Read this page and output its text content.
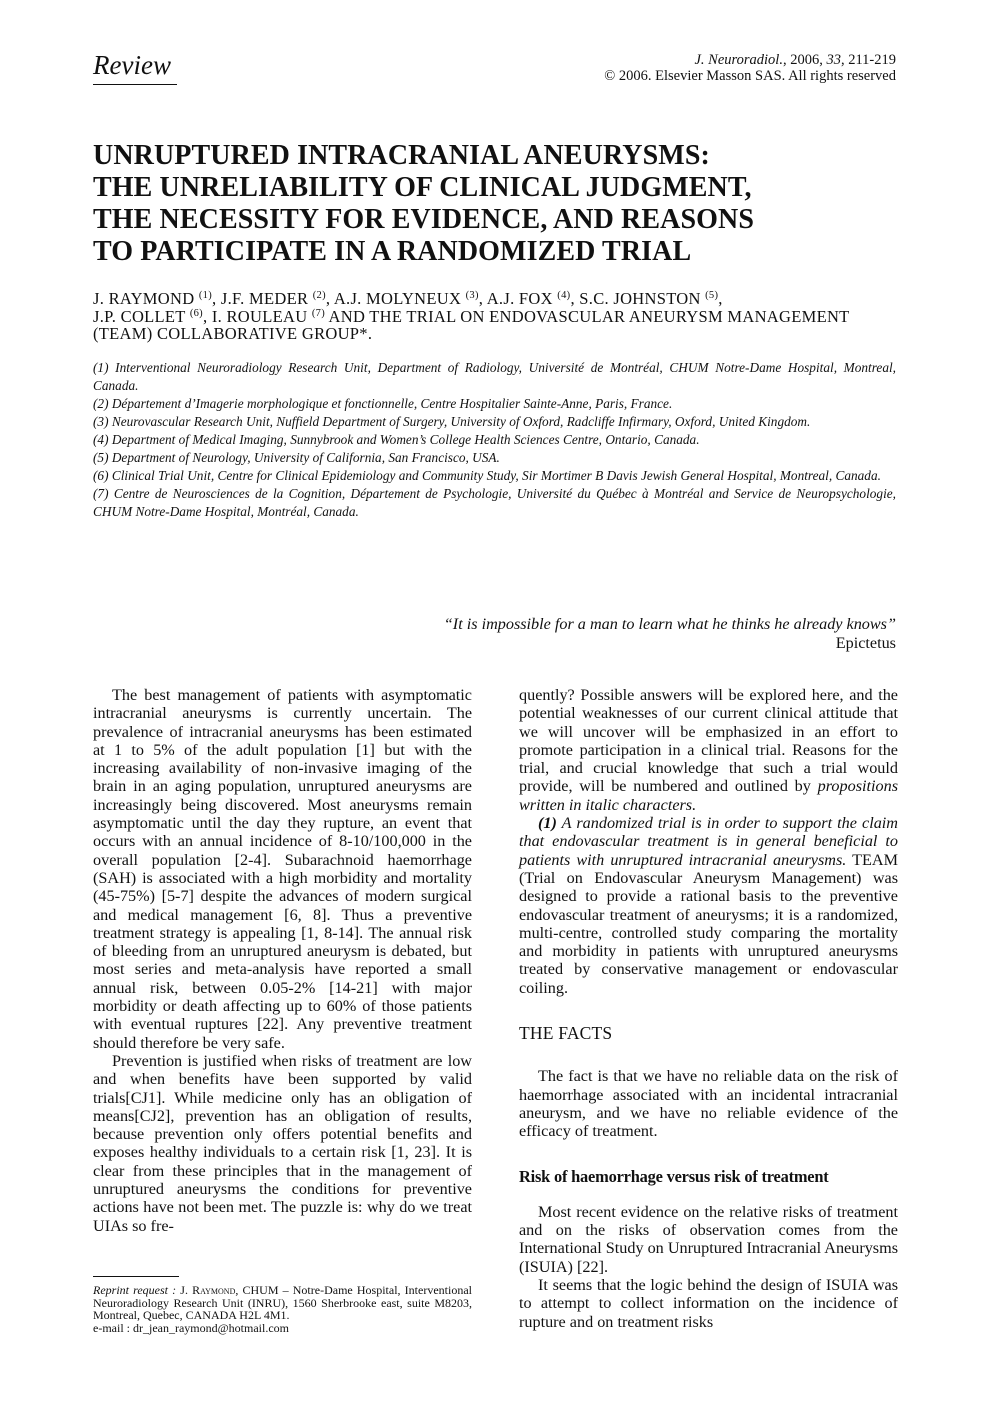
Review	J. Neuroradiol., 2006, 33, 211-219
© 2006. Elsevier Masson SAS. All rights reserved
UNRUPTURED INTRACRANIAL ANEURYSMS:
THE UNRELIABILITY OF CLINICAL JUDGMENT,
THE NECESSITY FOR EVIDENCE, AND REASONS
TO PARTICIPATE IN A RANDOMIZED TRIAL
J. RAYMOND $^{(1)}$, J.F. MEDER $^{(2)}$, A.J. MOLYNEUX $^{(3)}$, A.J. FOX $^{(4)}$, S.C. JOHNSTON $^{(5)}$,
J.P. COLLET $^{(6)}$, I. ROULEAU $^{(7)}$ AND THE TRIAL ON ENDOVASCULAR ANEURYSM MANAGEMENT (TEAM) COLLABORATIVE GROUP*.

(1) Interventional Neuroradiology Research Unit, Department of Radiology, Université de Montréal, CHUM Notre-Dame Hospital, Montreal, Canada.

(2) Département d’Imagerie morphologique et fonctionnelle, Centre Hospitalier Sainte-Anne, Paris, France.

(3) Neurovascular Research Unit, Nuffield Department of Surgery, University of Oxford, Radcliffe Infirmary, Oxford, United Kingdom.

(4) Department of Medical Imaging, Sunnybrook and Women’s College Health Sciences Centre, Ontario, Canada.

(5) Department of Neurology, University of California, San Francisco, USA.

(6) Clinical Trial Unit, Centre for Clinical Epidemiology and Community Study, Sir Mortimer B Davis Jewish General Hospital, Montreal, Canada.

(7) Centre de Neurosciences de la Cognition, Département de Psychologie, Université du Québec à Montréal and Service de Neuropsychologie, CHUM Notre-Dame Hospital, Montréal, Canada.

“It is impossible for a man to learn what he thinks he already knows”
Epictetus

The best management of patients with asymptomatic intracranial aneurysms is currently uncertain. The prevalence of intracranial aneurysms has been estimated at 1 to 5% of the adult population [1] but with the increasing availability of non-invasive imaging of the brain in an aging population, unruptured aneurysms are increasingly being discovered. Most aneurysms remain asymptomatic until the day they rupture, an event that occurs with an annual incidence of 8-10/100,000 in the overall population [2-4]. Subarachnoid haemorrhage (SAH) is associated with a high morbidity and mortality (45-75%) [5-7] despite the advances of modern surgical and medical management [6, 8]. Thus a preventive treatment strategy is appealing [1, 8-14]. The annual risk of bleeding from an unruptured aneurysm is debated, but most series and meta-analysis have reported a small annual risk, between 0.05-2% [14-21] with major morbidity or death affecting up to 60% of those patients with eventual ruptures [22]. Any preventive treatment should therefore be very safe.

Prevention is justified when risks of treatment are low and when benefits have been supported by valid trials[CJ1]. While medicine only has an obligation of means[CJ2], prevention has an obligation of results, because prevention only offers potential benefits and exposes healthy individuals to a certain risk [1, 23]. It is clear from these principles that in the management of unruptured aneurysms the conditions for preventive actions have not been met. The puzzle is: why do we treat UIAs so fre-

quently? Possible answers will be explored here, and the potential weaknesses of our current clinical attitude that we will uncover will be emphasized in an effort to promote participation in a clinical trial. Reasons for the trial, and crucial knowledge that such a trial would provide, will be numbered and outlined by propositions written in italic characters.

(1) A randomized trial is in order to support the claim that endovascular treatment is in general beneficial to patients with unruptured intracranial aneurysms. TEAM (Trial on Endovascular Aneurysm Management) was designed to provide a rational basis to the preventive endovascular treatment of aneurysms; it is a randomized, multi-centre, controlled study comparing the mortality and morbidity in patients with unruptured aneurysms treated by conservative management or endovascular coiling.

THE FACTS

The fact is that we have no reliable data on the risk of haemorrhage associated with an incidental intracranial aneurysm, and we have no reliable evidence of the efficacy of treatment.

Risk of haemorrhage versus risk of treatment

Most recent evidence on the relative risks of treatment and on the risks of observation comes from the International Study on Unruptured Intracranial Aneurysms (ISUIA) [22].

It seems that the logic behind the design of ISUIA was to attempt to collect information on the incidence of rupture and on treatment risks

Reprint request : J. Raymond, CHUM – Notre-Dame Hospital, Interventional Neuroradiology Research Unit (INRU), 1560 Sherbrooke east, suite M8203, Montreal, Quebec, CANADA H2L 4M1.
e-mail : dr_jean_raymond@hotmail.com
